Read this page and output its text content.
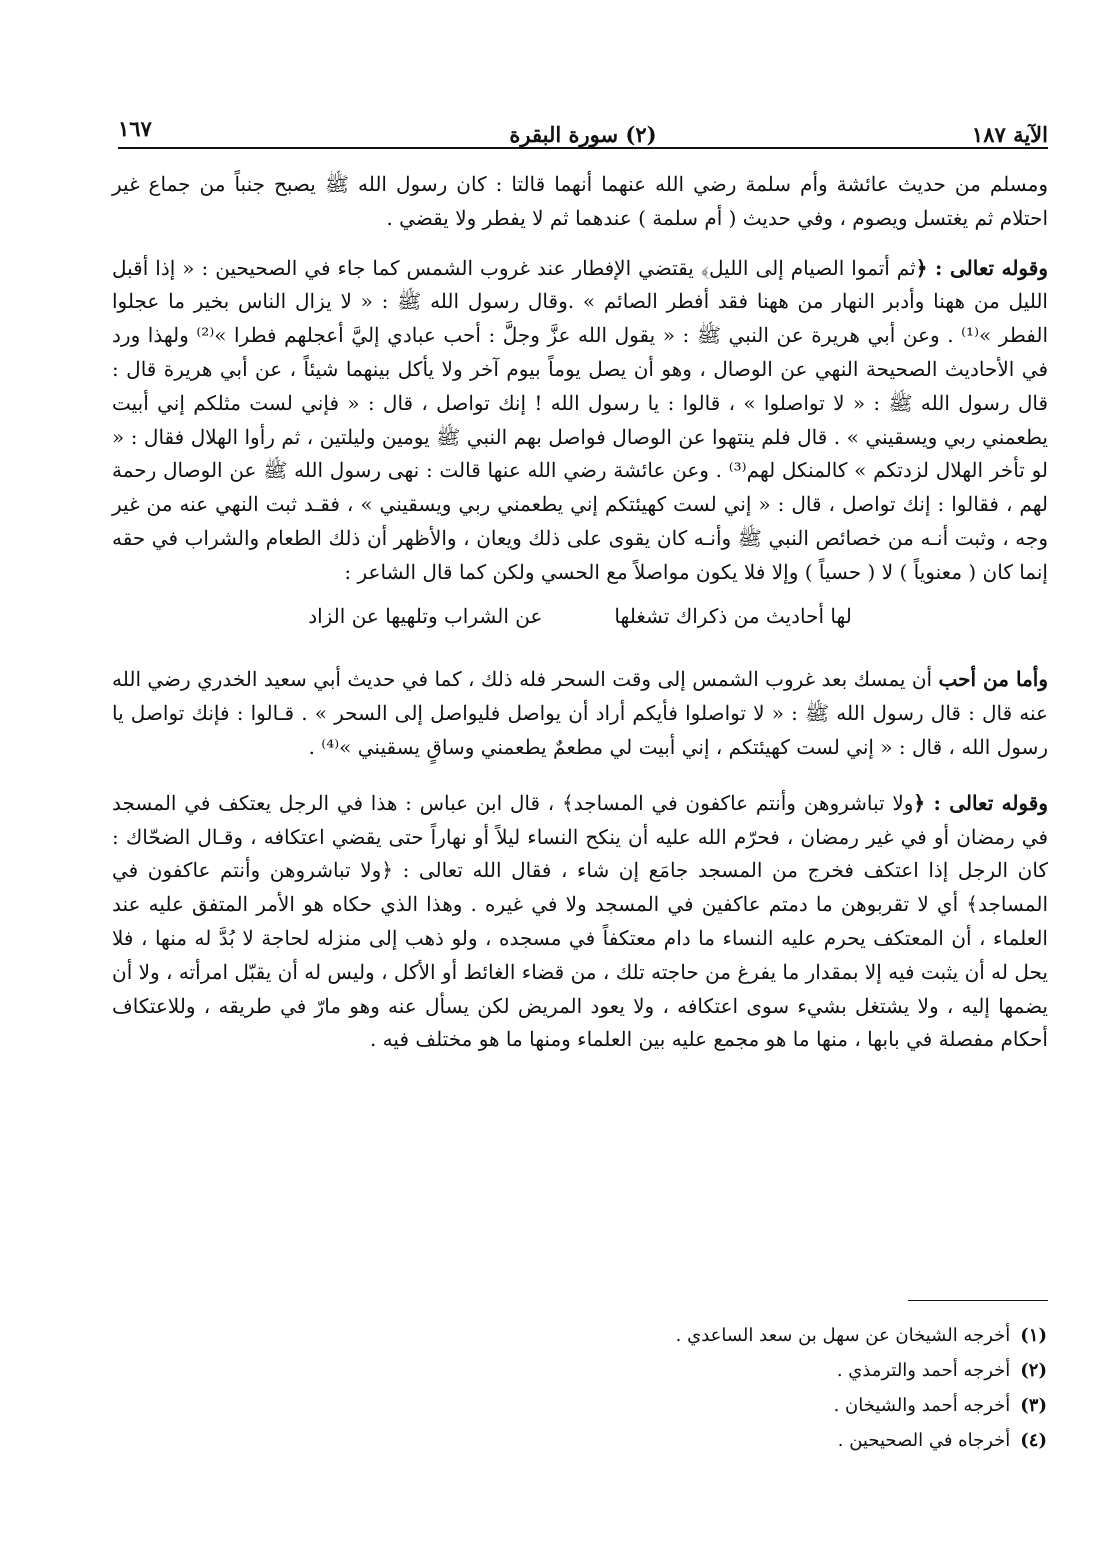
الآية ١٨٧
(٢) سورة البقرة
١٦٧

ومسلم من حديث عائشة وأم سلمة رضي الله عنهما أنهما قالتا : كان رسول الله ﷺ يصبح جنباً من جماع غير احتلام ثم يغتسل ويصوم ، وفي حديث ( أم سلمة ) عندهما ثم لا يفطر ولا يقضي .

وقوله تعالى : ﴿ثم أتموا الصيام إلى الليل﴾ يقتضي الإفطار عند غروب الشمس كما جاء في الصحيحين : « إذا أقبل الليل من ههنا وأدبر النهار من ههنا فقد أفطر الصائم » .وقال رسول الله ﷺ : « لا يزال الناس بخير ما عجلوا الفطر »⁽¹⁾ . وعن أبي هريرة عن النبي ﷺ : « يقول الله عزَّ وجلَّ : أحب عبادي إليَّ أعجلهم فطرا »⁽²⁾ ولهذا ورد في الأحاديث الصحيحة النهي عن الوصال ، وهو أن يصل يوماً بيوم آخر ولا يأكل بينهما شيئاً ، عن أبي هريرة قال : قال رسول الله ﷺ : « لا تواصلوا » ، قالوا : يا رسول الله ! إنك تواصل ، قال : « فإني لست مثلكم إني أبيت يطعمني ربي ويسقيني » . قال فلم ينتهوا عن الوصال فواصل بهم النبي ﷺ يومين وليلتين ، ثم رأوا الهلال فقال : « لو تأخر الهلال لزدتكم » كالمنكل لهم⁽³⁾ . وعن عائشة رضي الله عنها قالت : نهى رسول الله ﷺ عن الوصال رحمة لهم ، فقالوا : إنك تواصل ، قال : « إني لست كهيئتكم إني يطعمني ربي ويسقيني » ، فقـد ثبت النهي عنه من غير وجه ، وثبت أنـه من خصائص النبي ﷺ وأنـه كان يقوى على ذلك ويعان ، والأظهر أن ذلك الطعام والشراب في حقه إنما كان ( معنوياً ) لا ( حسياً ) وإلا فلا يكون مواصلاً مع الحسي ولكن كما قال الشاعر :

لها أحاديث من ذكراك تشغلها
عن الشراب وتلهيها عن الزاد

وأما من أحب أن يمسك بعد غروب الشمس إلى وقت السحر فله ذلك ، كما في حديث أبي سعيد الخدري رضي الله عنه قال : قال رسول الله ﷺ : « لا تواصلوا فأيكم أراد أن يواصل فليواصل إلى السحر » . قـالوا : فإنك تواصل يا رسول الله ، قال : « إني لست كهيئتكم ، إني أبيت لي مطعمٌ يطعمني وساقٍ يسقيني »⁽⁴⁾ .

وقوله تعالى : ﴿ولا تباشروهن وأنتم عاكفون في المساجد﴾ ، قال ابن عباس : هذا في الرجل يعتكف في المسجد في رمضان أو في غير رمضان ، فحرّم الله عليه أن ينكح النساء ليلاً أو نهاراً حتى يقضي اعتكافه ، وقـال الضحّاك : كان الرجل إذا اعتكف فخرج من المسجد جامَع إن شاء ، فقال الله تعالى : ﴿ولا تباشروهن وأنتم عاكفون في المساجد﴾ أي لا تقربوهن ما دمتم عاكفين في المسجد ولا في غيره . وهذا الذي حكاه هو الأمر المتفق عليه عند العلماء ، أن المعتكف يحرم عليه النساء ما دام معتكفاً في مسجده ، ولو ذهب إلى منزله لحاجة لا بُدَّ له منها ، فلا يحل له أن يثبت فيه إلا بمقدار ما يفرغ من حاجته تلك ، من قضاء الغائط أو الأكل ، وليس له أن يقبّل امرأته ، ولا أن يضمها إليه ، ولا يشتغل بشيء سوى اعتكافه ، ولا يعود المريض لكن يسأل عنه وهو مارّ في طريقه ، وللاعتكاف أحكام مفصلة في بابها ، منها ما هو مجمع عليه بين العلماء ومنها ما هو مختلف فيه .

(١)أخرجه الشيخان عن سهل بن سعد الساعدي .
(٢)أخرجه أحمد والترمذي .
(٣)أخرجه أحمد والشيخان .
(٤)أخرجاه في الصحيحين .
